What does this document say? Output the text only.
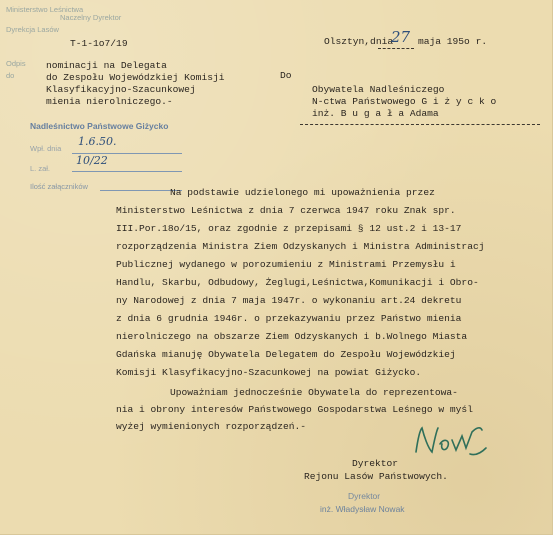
Ministerstwo Leśnictwa
Naczelny Dyrektor
Dyrekcja Lasów
Odpis
do
T-1-1o7/19	Olsztyn,dnia
27 maja 195o r.
nominacji na Delegata
do Zespołu Wojewódzkiej Komisji
Klasyfikacyjno-Szacunkowej
mienia nierolniczego.-
Do
Obywatela Nadleśniczego
N-ctwa Państwowego G i ż y c k o
inż. B u g a ł a Adama
Nadleśnictwo Państwowe Giżycko
Wpł. dnia
1.6.50.
L. zał.
10/22
Ilość załączników
Na podstawie udzielonego mi upoważnienia przez
Ministerstwo Leśnictwa z dnia 7 czerwca 1947 roku Znak spr.
III.Por.18o/15, oraz zgodnie z przepisami § 12 ust.2 i 13-17
rozporządzenia Ministra Ziem Odzyskanych i Ministra Administracj
Publicznej wydanego w porozumieniu z Ministrami Przemysłu i
Handlu, Skarbu, Odbudowy, Żeglugi,Leśnictwa,Komunikacji i Obro-
ny Narodowej z dnia 7 maja 1947r. o wykonaniu art.24 dekretu
z dnia 6 grudnia 1946r. o przekazywaniu przez Państwo mienia
nierolniczego na obszarze Ziem Odzyskanych i b.Wolnego Miasta
Gdańska mianuję Obywatela Delegatem do Zespołu Wojewódzkiej
Komisji Klasyfikacyjno-Szacunkowej na powiat Giżycko.
Upoważniam jednocześnie Obywatela do reprezentowa-
nia i obrony interesów Państwowego Gospodarstwa Leśnego w myśl
wyżej wymienionych rozporządzeń.-
Dyrektor
Rejonu Lasów Państwowych.
Dyrektor
inż. Władysław Nowak
